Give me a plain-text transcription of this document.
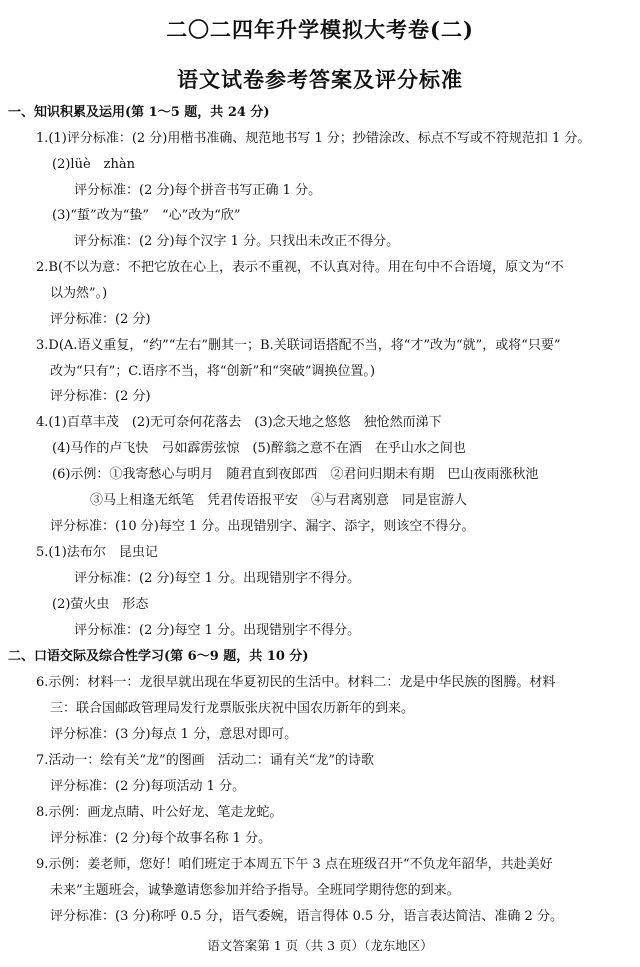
二〇二四年升学模拟大考卷(二)
语文试卷参考答案及评分标准
一、知识积累及运用(第 1～5 题，共 24 分)
1.(1)评分标准：(2 分)用楷书准确、规范地书写 1 分；抄错涂改、标点不写或不符规范扣 1 分。
(2)lüè　zhàn
评分标准：(2 分)每个拼音书写正确 1 分。
(3)“蜇”改为“蛰”　“心”改为“欣”
评分标准：(2 分)每个汉字 1 分。只找出未改正不得分。
2.B(不以为意：不把它放在心上，表示不重视，不认真对待。用在句中不合语境，原文为“不
以为然”。)
评分标准：(2 分)
3.D(A.语义重复，“约”“左右”删其一；B.关联词语搭配不当，将“才”改为“就”，或将“只要”
改为“只有”；C.语序不当，将“创新”和“突破”调换位置。)
评分标准：(2 分)
4.(1)百草丰茂　(2)无可奈何花落去　(3)念天地之悠悠　独怆然而涕下
(4)马作的卢飞快　弓如霹雳弦惊　(5)醉翁之意不在酒　在乎山水之间也
(6)示例：①我寄愁心与明月　随君直到夜郎西　②君问归期未有期　巴山夜雨涨秋池
③马上相逢无纸笔　凭君传语报平安　④与君离别意　同是宦游人
评分标准：(10 分)每空 1 分。出现错别字、漏字、添字，则该空不得分。
5.(1)法布尔　昆虫记
评分标准：(2 分)每空 1 分。出现错别字不得分。
(2)萤火虫　形态
评分标准：(2 分)每空 1 分。出现错别字不得分。
二、口语交际及综合性学习(第 6～9 题，共 10 分)
6.示例：材料一：龙很早就出现在华夏初民的生活中。材料二：龙是中华民族的图腾。材料
三：联合国邮政管理局发行龙票版张庆祝中国农历新年的到来。
评分标准：(3 分)每点 1 分，意思对即可。
7.活动一：绘有关“龙”的图画　活动二：诵有关“龙”的诗歌
评分标准：(2 分)每项活动 1 分。
8.示例：画龙点睛、叶公好龙、笔走龙蛇。
评分标准：(2 分)每个故事名称 1 分。
9.示例：姜老师，您好！咱们班定于本周五下午 3 点在班级召开“不负龙年韶华，共赴美好
未来”主题班会，诚挚邀请您参加并给予指导。全班同学期待您的到来。
评分标准：(3 分)称呼 0.5 分，语气委婉，语言得体 0.5 分，语言表达简洁、准确 2 分。
语文答案第 1 页（共 3 页）（龙东地区）
